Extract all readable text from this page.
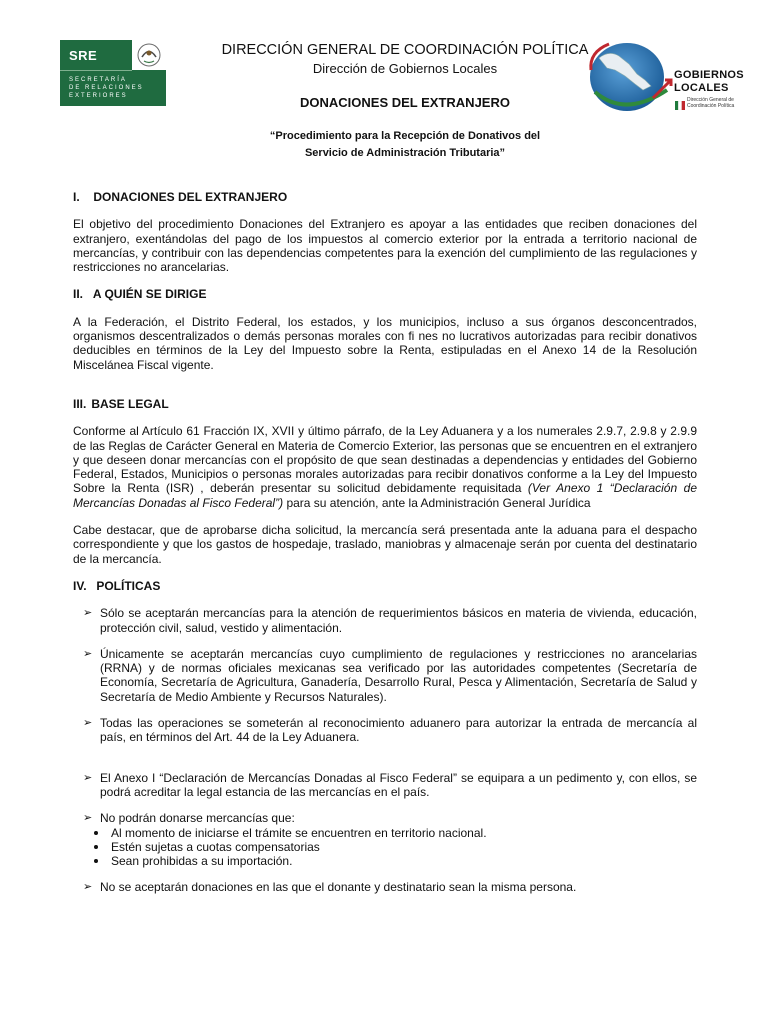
SRE
SECRETARÍA
DE RELACIONES
EXTERIORES
GOBIERNOS
LOCALES
Dirección General de Coordinación Política
DIRECCIÓN GENERAL DE COORDINACIÓN POLÍTICA
Dirección de Gobiernos Locales
DONACIONES DEL EXTRANJERO
“Procedimiento para la Recepción de Donativos del
Servicio de Administración Tributaria”
I. DONACIONES DEL EXTRANJERO

El objetivo del procedimiento Donaciones del Extranjero es apoyar a las entidades que reciben donaciones del extranjero, exentándolas del pago de los impuestos al comercio exterior por la entrada a territorio nacional de mercancías, y contribuir con las dependencias competentes para la exención del cumplimiento de las regulaciones y restricciones no arancelarias.

II. A QUIÉN SE DIRIGE

A la Federación, el Distrito Federal, los estados, y los municipios, incluso a sus órganos desconcentrados, organismos descentralizados o demás personas morales con fi nes no lucrativos autorizadas para recibir donativos deducibles en términos de la Ley del Impuesto sobre la Renta, estipuladas en el Anexo 14 de la Resolución Miscelánea Fiscal vigente.

III. BASE LEGAL

Conforme al Artículo 61 Fracción IX, XVII y último párrafo, de la Ley Aduanera y a los numerales 2.9.7, 2.9.8 y 2.9.9 de las Reglas de Carácter General en Materia de Comercio Exterior, las personas que se encuentren en el extranjero y que deseen donar mercancías con el propósito de que sean destinadas a dependencias y entidades del Gobierno Federal, Estados, Municipios o personas morales autorizadas para recibir donativos conforme a la Ley del Impuesto Sobre la Renta (ISR) , deberán presentar su solicitud debidamente requisitada (Ver Anexo 1 “Declaración de Mercancías Donadas al Fisco Federal”) para su atención, ante la Administración General Jurídica

Cabe destacar, que de aprobarse dicha solicitud, la mercancía será presentada ante la aduana para el despacho correspondiente y que los gastos de hospedaje, traslado, maniobras y almacenaje serán por cuenta del destinatario de la mercancía.

IV. POLÍTICAS
➢ Sólo se aceptarán mercancías para la atención de requerimientos básicos en materia de vivienda, educación, protección civil, salud, vestido y alimentación.
➢ Únicamente se aceptarán mercancías cuyo cumplimiento de regulaciones y restricciones no arancelarias (RRNA) y de normas oficiales mexicanas sea verificado por las autoridades competentes (Secretaría de Economía, Secretaría de Agricultura, Ganadería, Desarrollo Rural, Pesca y Alimentación, Secretaría de Salud y Secretaría de Medio Ambiente y Recursos Naturales).
➢ Todas las operaciones se someterán al reconocimiento aduanero para autorizar la entrada de mercancía al país, en términos del Art. 44 de la Ley Aduanera.
➢ El Anexo I “Declaración de Mercancías Donadas al Fisco Federal” se equipara a un pedimento y, con ellos, se podrá acreditar la legal estancia de las mercancías en el país.
➢ No podrán donarse mercancías que:
Al momento de iniciarse el trámite se encuentren en territorio nacional.
Estén sujetas a cuotas compensatorias
Sean prohibidas a su importación.
➢ No se aceptarán donaciones en las que el donante y destinatario sean la misma persona.
